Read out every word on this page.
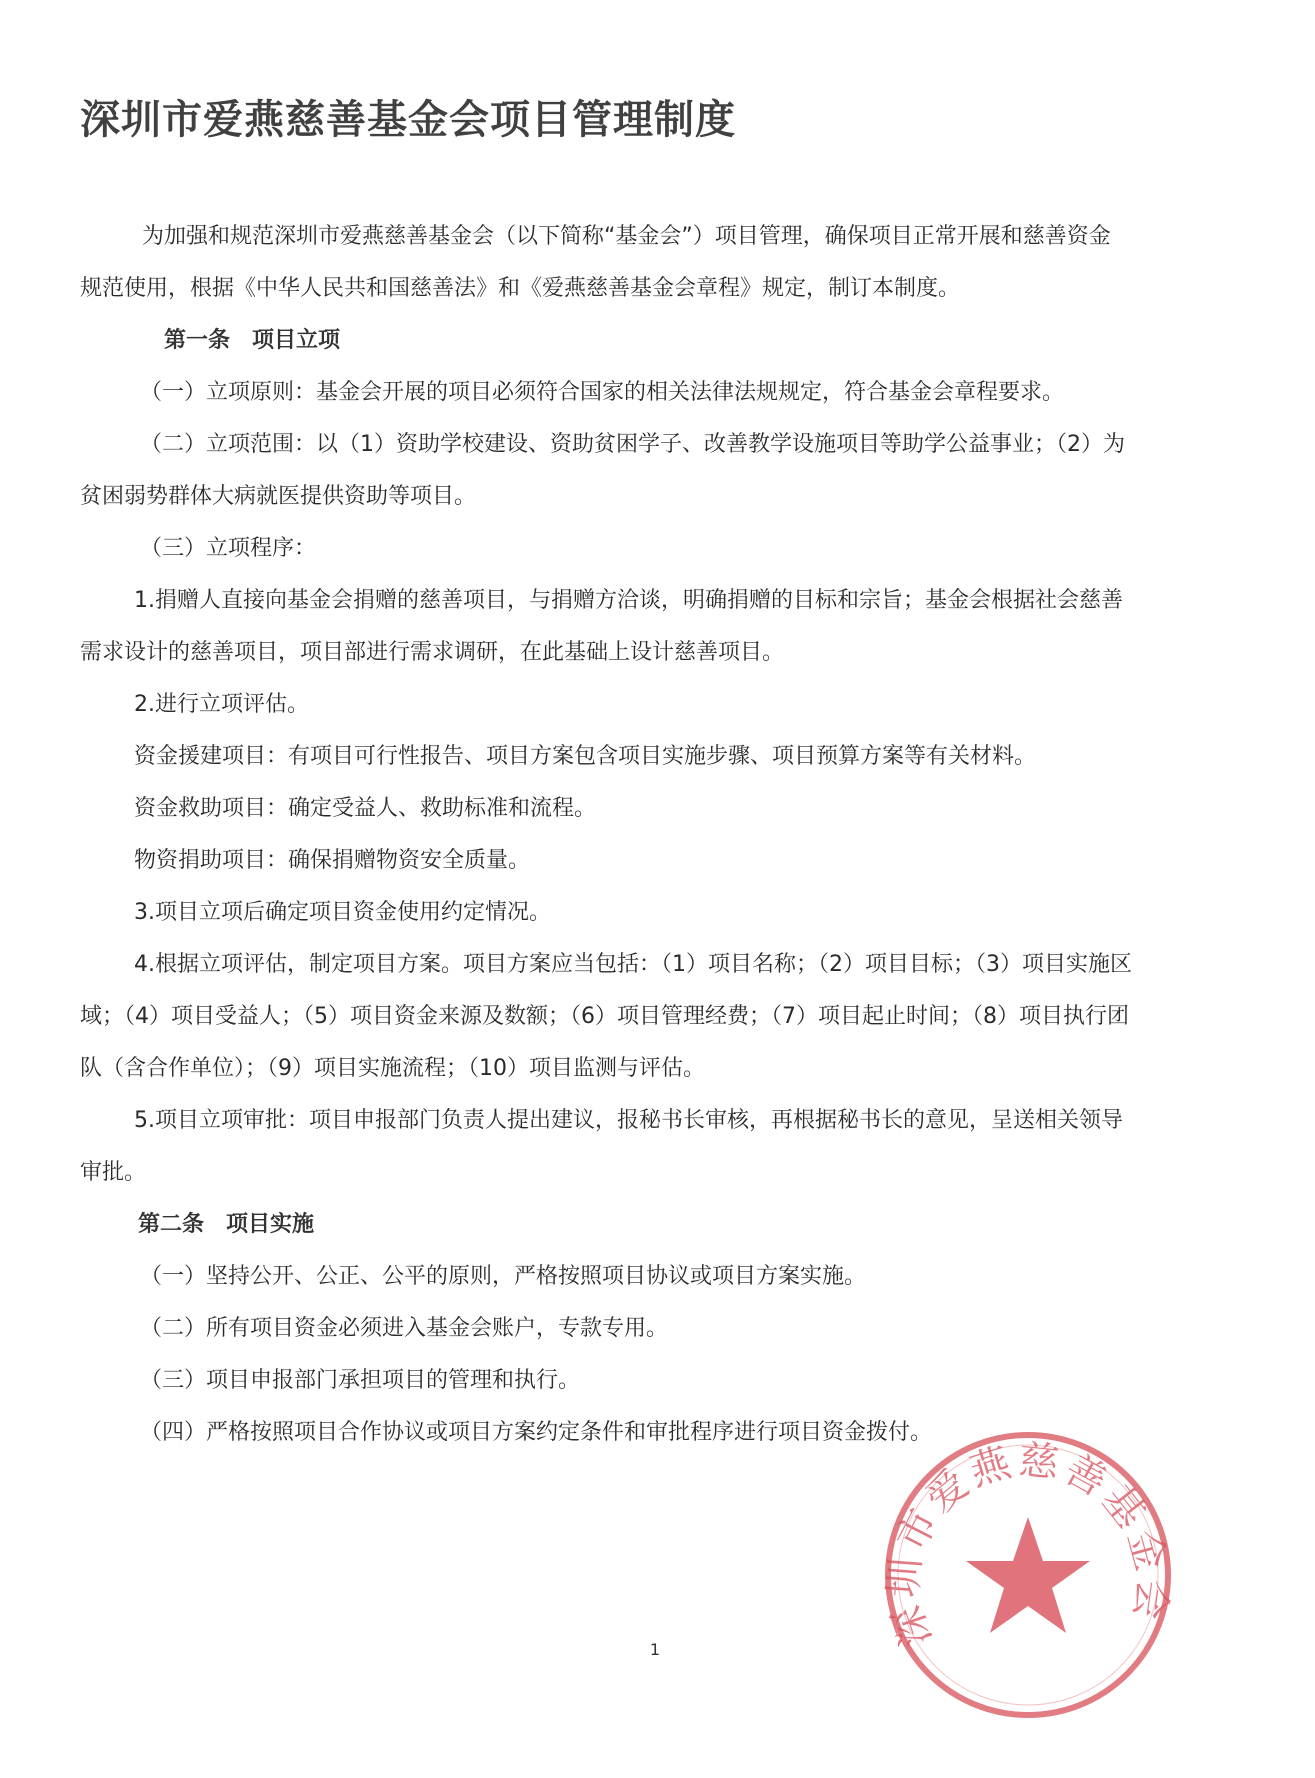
深圳市爱燕慈善基金会项目管理制度

为加强和规范深圳市爱燕慈善基金会（以下简称“基金会”）项目管理，确保项目正常开展和慈善资金

规范使用，根据《中华人民共和国慈善法》和《爱燕慈善基金会章程》规定，制订本制度。

第一条　项目立项

（一）立项原则：基金会开展的项目必须符合国家的相关法律法规规定，符合基金会章程要求。

（二）立项范围：以（1）资助学校建设、资助贫困学子、改善教学设施项目等助学公益事业；（2）为

贫困弱势群体大病就医提供资助等项目。

（三）立项程序：

1.捐赠人直接向基金会捐赠的慈善项目，与捐赠方洽谈，明确捐赠的目标和宗旨；基金会根据社会慈善

需求设计的慈善项目，项目部进行需求调研，在此基础上设计慈善项目。

2.进行立项评估。

资金援建项目：有项目可行性报告、项目方案包含项目实施步骤、项目预算方案等有关材料。

资金救助项目：确定受益人、救助标准和流程。

物资捐助项目：确保捐赠物资安全质量。

3.项目立项后确定项目资金使用约定情况。

4.根据立项评估，制定项目方案。项目方案应当包括：（1）项目名称；（2）项目目标；（3）项目实施区

域；（4）项目受益人；（5）项目资金来源及数额；（6）项目管理经费；（7）项目起止时间；（8）项目执行团

队（含合作单位）；（9）项目实施流程；（10）项目监测与评估。

5.项目立项审批：项目申报部门负责人提出建议，报秘书长审核，再根据秘书长的意见，呈送相关领导

审批。

第二条　项目实施

（一）坚持公开、公正、公平的原则，严格按照项目协议或项目方案实施。

（二）所有项目资金必须进入基金会账户，专款专用。

（三）项目申报部门承担项目的管理和执行。

（四）严格按照项目合作协议或项目方案约定条件和审批程序进行项目资金拨付。

1	深圳市爱燕慈善基金会
